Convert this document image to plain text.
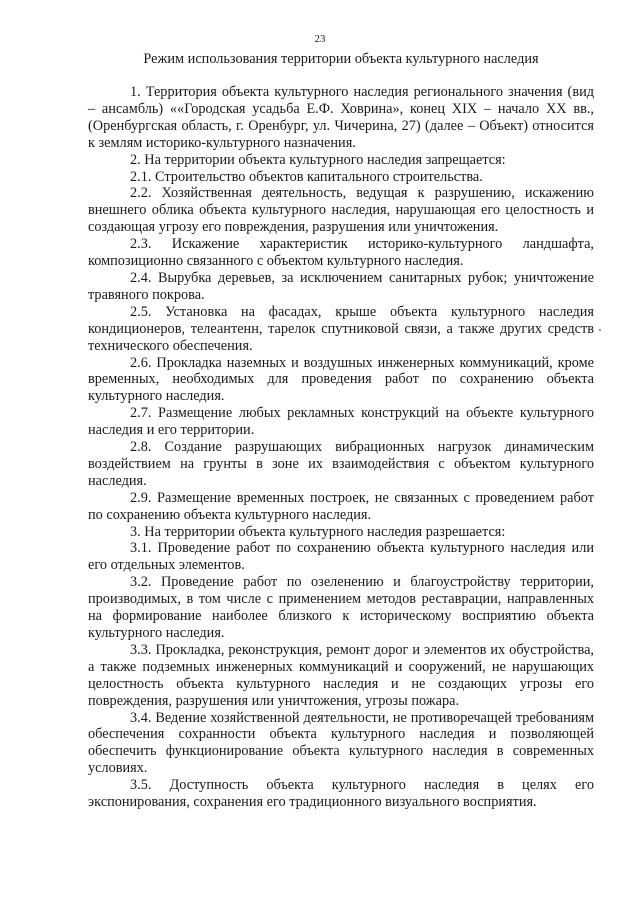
23
Режим использования территории объекта культурного наследия

1. Территория объекта культурного наследия регионального значения (вид – ансамбль) ««Городская усадьба Е.Ф. Ховрина», конец XIX – начало XX вв., (Оренбургская область, г. Оренбург, ул. Чичерина, 27) (далее – Объект) относится к землям историко-культурного назначения.

2. На территории объекта культурного наследия запрещается:

2.1. Строительство объектов капитального строительства.

2.2. Хозяйственная деятельность, ведущая к разрушению, искажению внешнего облика объекта культурного наследия, нарушающая его целостность и создающая угрозу его повреждения, разрушения или уничтожения.

2.3. Искажение характеристик историко-культурного ландшафта, композиционно связанного с объектом культурного наследия.

2.4. Вырубка деревьев, за исключением санитарных рубок; уничтожение травяного покрова.

2.5. Установка на фасадах, крыше объекта культурного наследия кондиционеров, телеантенн, тарелок спутниковой связи, а также других средств технического обеспечения.

2.6. Прокладка наземных и воздушных инженерных коммуникаций, кроме временных, необходимых для проведения работ по сохранению объекта культурного наследия.

2.7. Размещение любых рекламных конструкций на объекте культурного наследия и его территории.

2.8. Создание разрушающих вибрационных нагрузок динамическим воздействием на грунты в зоне их взаимодействия с объектом культурного наследия.

2.9. Размещение временных построек, не связанных с проведением работ по сохранению объекта культурного наследия.

3. На территории объекта культурного наследия разрешается:

3.1. Проведение работ по сохранению объекта культурного наследия или его отдельных элементов.

3.2. Проведение работ по озеленению и благоустройству территории, производимых, в том числе с применением методов реставрации, направленных на формирование наиболее близкого к историческому восприятию объекта культурного наследия.

3.3. Прокладка, реконструкция, ремонт дорог и элементов их обустройства, а также подземных инженерных коммуникаций и сооружений, не нарушающих целостность объекта культурного наследия и не создающих угрозы его повреждения, разрушения или уничтожения, угрозы пожара.

3.4. Ведение хозяйственной деятельности, не противоречащей требованиям обеспечения сохранности объекта культурного наследия и позволяющей обеспечить функционирование объекта культурного наследия в современных условиях.

3.5. Доступность объекта культурного наследия в целях его экспонирования, сохранения его традиционного визуального восприятия.
